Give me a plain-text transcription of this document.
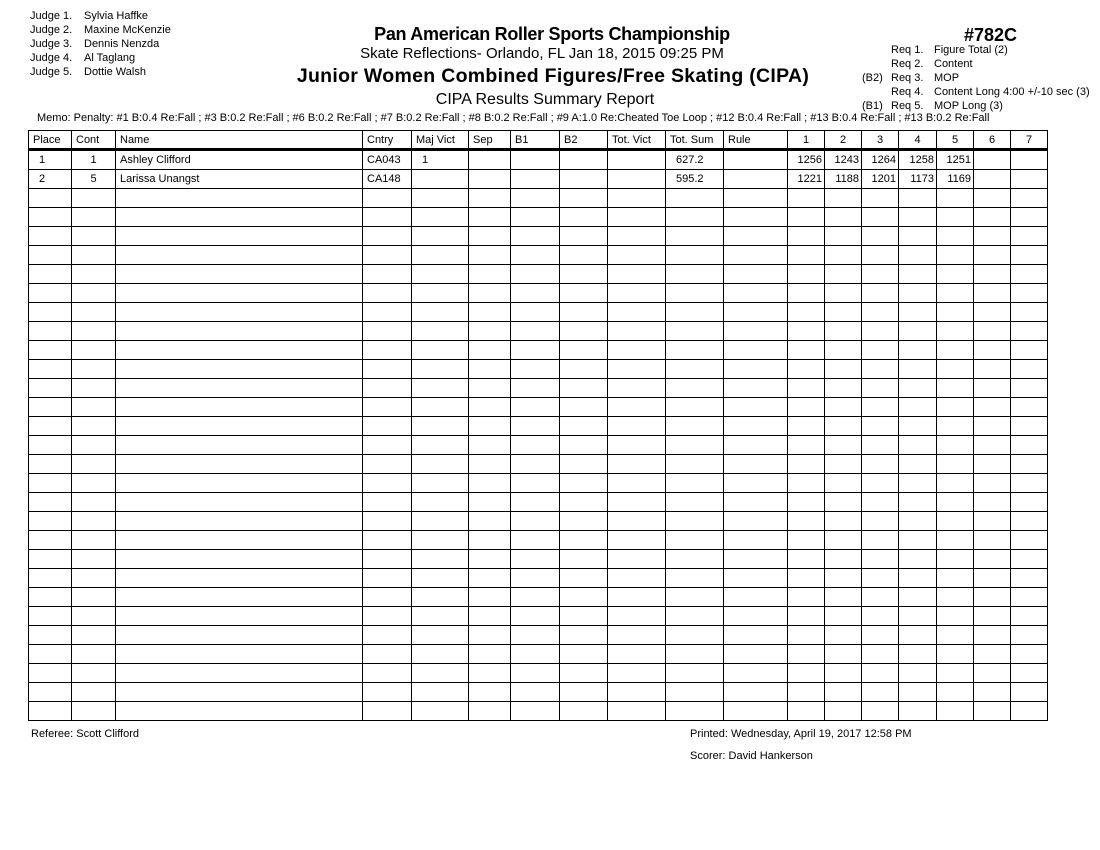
Judge 1. Sylvia Haffke
Judge 2. Maxine McKenzie
Judge 3. Dennis Nenzda
Judge 4. Al Taglang
Judge 5. Dottie Walsh
Pan American Roller Sports Championship
Skate Reflections- Orlando, FL Jan 18, 2015 09:25 PM
Junior Women Combined Figures/Free Skating (CIPA)
CIPA Results Summary Report
#782C
Req 1. Figure Total (2)
Req 2. Content
(B2) Req 3. MOP
Req 4. Content Long 4:00 +/-10 sec (3)
(B1) Req 5. MOP Long (3)
Memo: Penalty: #1 B:0.4 Re:Fall ; #3 B:0.2 Re:Fall ; #6 B:0.2 Re:Fall ; #7 B:0.2 Re:Fall ; #8 B:0.2 Re:Fall ; #9 A:1.0 Re:Cheated Toe Loop ; #12 B:0.4 Re:Fall ; #13 B:0.4 Re:Fall ; #13 B:0.2 Re:Fall
Place	Cont	Name	Cntry	Maj Vict	Sep	B1	B2	Tot. Vict	Tot. Sum	Rule	1	2	3	4	5	6	7
1	1	Ashley Clifford	CA043	1					627.2		1256	1243	1264	1258	1251		
2	5	Larissa Unangst	CA148						595.2		1221	1188	1201	1173	1169		

Referee: Scott Clifford	Printed: Wednesday, April 19, 2017 12:58 PM
Scorer: David Hankerson
